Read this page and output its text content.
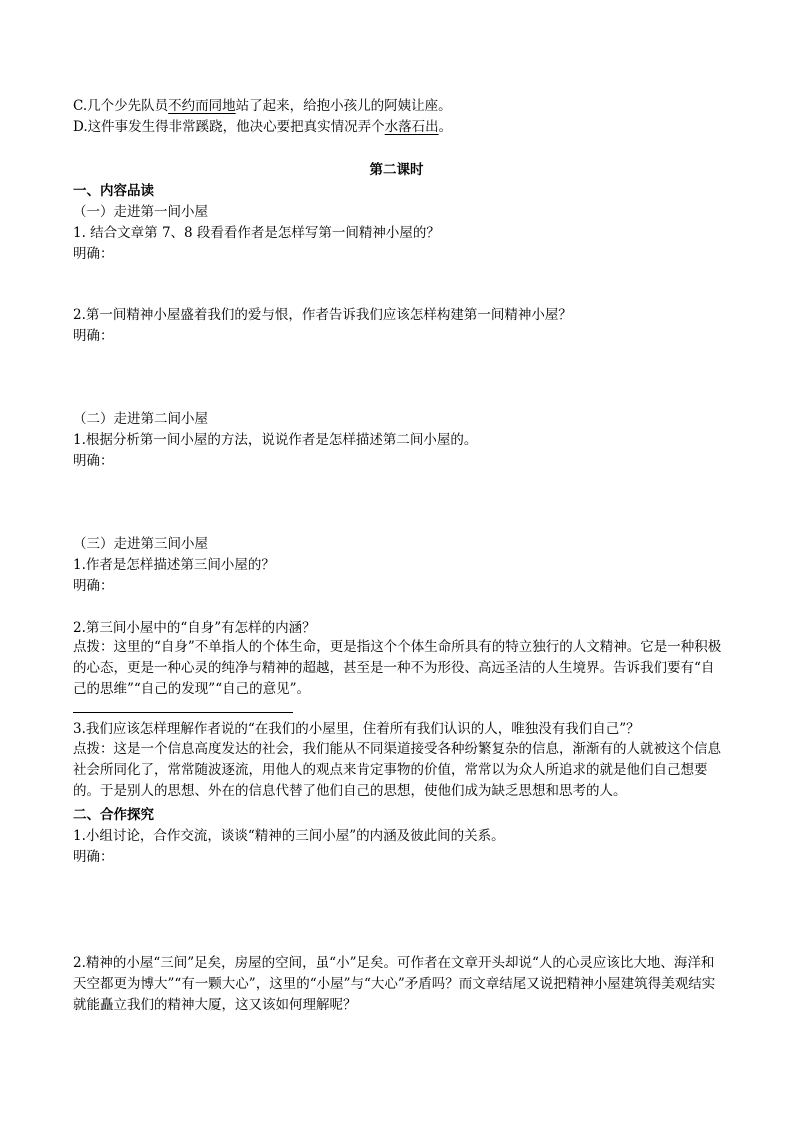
C.几个少先队员不约而同地站了起来，给抱小孩儿的阿姨让座。
D.这件事发生得非常蹊跷，他决心要把真实情况弄个水落石出。
第二课时
一、内容品读
（一）走进第一间小屋
1. 结合文章第 7、8 段看看作者是怎样写第一间精神小屋的？
明确：
2.第一间精神小屋盛着我们的爱与恨，作者告诉我们应该怎样构建第一间精神小屋？
明确：
（二）走进第二间小屋
1.根据分析第一间小屋的方法，说说作者是怎样描述第二间小屋的。
明确：
（三）走进第三间小屋
1.作者是怎样描述第三间小屋的？
明确：
2.第三间小屋中的“自身”有怎样的内涵？
点拨：这里的“自身”不单指人的个体生命，更是指这个个体生命所具有的特立独行的人文精神。它是一种积极的心态，更是一种心灵的纯净与精神的超越，甚至是一种不为形役、高远圣洁的人生境界。告诉我们要有“自己的思维”“自己的发现”“自己的意见”。
3.我们应该怎样理解作者说的“在我们的小屋里，住着所有我们认识的人，唯独没有我们自己”？
点拨：这是一个信息高度发达的社会，我们能从不同渠道接受各种纷繁复杂的信息，渐渐有的人就被这个信息社会所同化了，常常随波逐流，用他人的观点来肯定事物的价值，常常以为众人所追求的就是他们自己想要的。于是别人的思想、外在的信息代替了他们自己的思想，使他们成为缺乏思想和思考的人。
二、合作探究
1.小组讨论，合作交流，谈谈“精神的三间小屋”的内涵及彼此间的关系。
明确：
2.精神的小屋“三间”足矣，房屋的空间，虽“小”足矣。可作者在文章开头却说“人的心灵应该比大地、海洋和天空都更为博大”“有一颗大心”，这里的“小屋”与“大心”矛盾吗？而文章结尾又说把精神小屋建筑得美观结实就能矗立我们的精神大厦，这又该如何理解呢？
